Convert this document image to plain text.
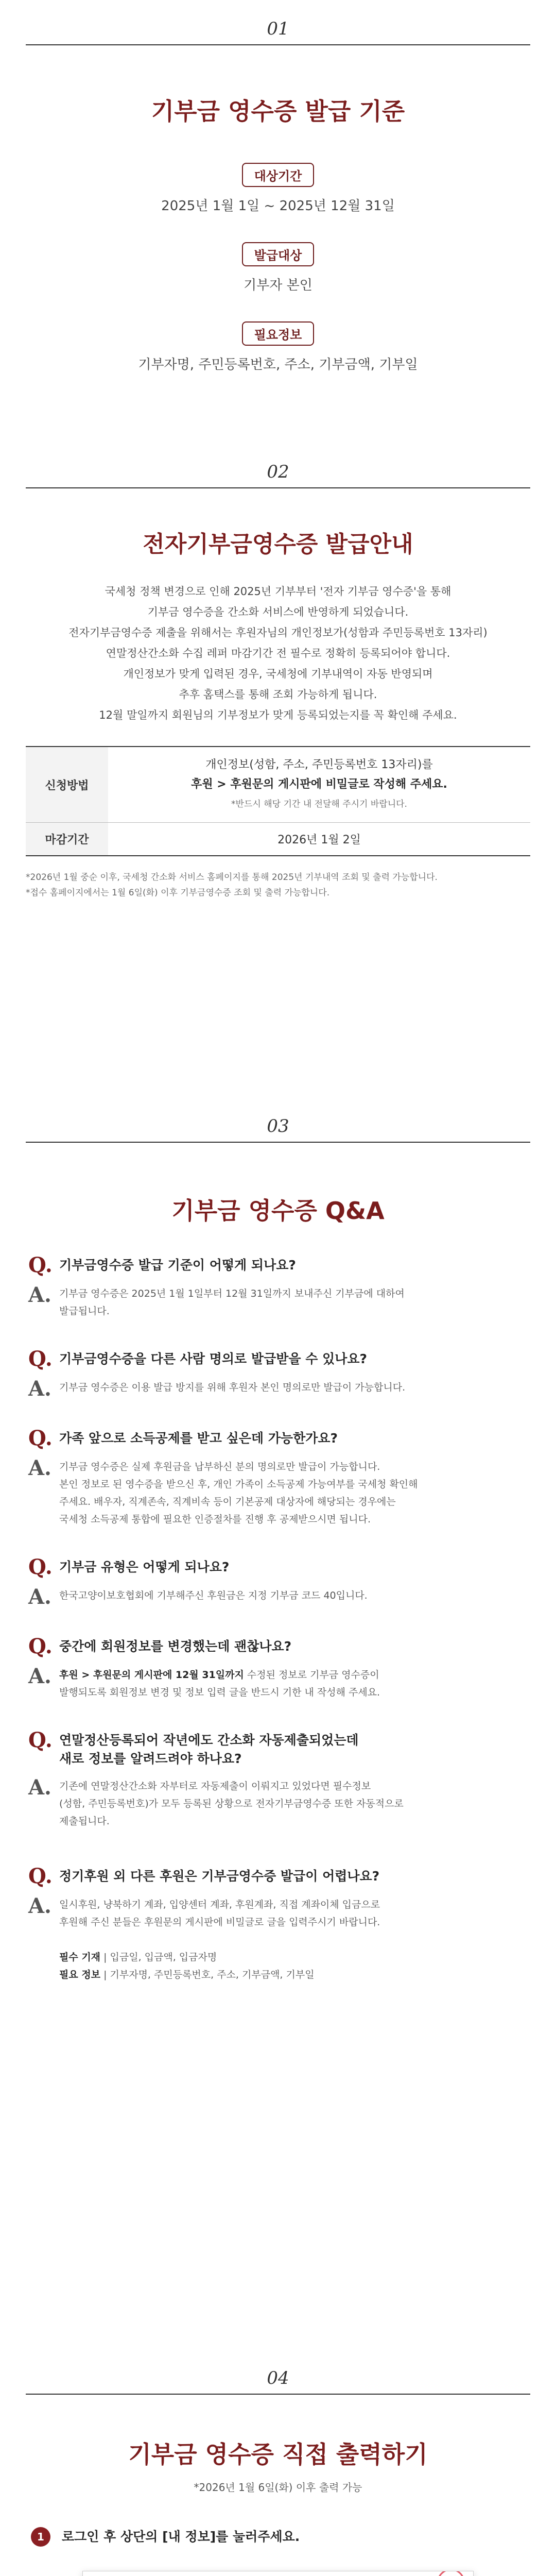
01
기부금 영수증 발급 기준
대상기간
2025년 1월 1일 ~ 2025년 12월 31일
발급대상
기부자 본인
필요정보
기부자명, 주민등록번호, 주소, 기부금액, 기부일
02
전자기부금영수증 발급안내
국세청 정책 변경으로 인해 2025년 기부부터 '전자 기부금 영수증'을 통해
기부금 영수증을 간소화 서비스에 반영하게 되었습니다.
전자기부금영수증 제출을 위해서는 후원자님의 개인정보가(성함과 주민등록번호 13자리)
연말정산간소화 수집 레퍼 마감기간 전 필수로 정확히 등록되어야 합니다.
개인정보가 맞게 입력된 경우, 국세청에 기부내역이 자동 반영되며
추후 홈택스를 통해 조회 가능하게 됩니다.
12월 말일까지 회원님의 기부정보가 맞게 등록되었는지를 꼭 확인해 주세요.
신청방법	개인정보(성함, 주소, 주민등록번호 13자리)를
후원 > 후원문의 게시판에 비밀글로 작성해 주세요.
*반드시 해당 기간 내 전달해 주시기 바랍니다.

마감기간	2026년 1월 2일
*2026년 1월 중순 이후, 국세청 간소화 서비스 홈페이지를 통해 2025년 기부내역 조회 및 출력 가능합니다.
*접수 홈페이지에서는 1월 6일(화) 이후 기부금영수증 조회 및 출력 가능합니다.
03
기부금 영수증 Q&A
Q. 기부금영수증 발급 기준이 어떻게 되나요?
A. 기부금 영수증은 2025년 1월 1일부터 12월 31일까지 보내주신 기부금에 대하여
발급됩니다.
Q. 기부금영수증을 다른 사람 명의로 발급받을 수 있나요?
A. 기부금 영수증은 이용 발급 방지를 위해 후원자 본인 명의로만 발급이 가능합니다.
Q. 가족 앞으로 소득공제를 받고 싶은데 가능한가요?
A. 기부금 영수증은 실제 후원금을 납부하신 분의 명의로만 발급이 가능합니다.
본인 정보로 된 영수증을 받으신 후, 개인 가족이 소득공제 가능여부를 국세청 확인해
주세요. 배우자, 직계존속, 직계비속 등이 기본공제 대상자에 해당되는 경우에는
국세청 소득공제 통합에 필요한 인증절차를 진행 후 공제받으시면 됩니다.
Q. 기부금 유형은 어떻게 되나요?
A. 한국고양이보호협회에 기부해주신 후원금은 지정 기부금 코드 40입니다.
Q. 중간에 회원정보를 변경했는데 괜찮나요?
A. 후원 > 후원문의 게시판에 12월 31일까지 수정된 정보로 기부금 영수증이
발행되도록 회원정보 변경 및 정보 입력 글을 반드시 기한 내 작성해 주세요.
Q. 연말정산등록되어 작년에도 간소화 자동제출되었는데
새로 정보를 알려드려야 하나요?
A. 기존에 연말정산간소화 자부터로 자동제출이 이뤄지고 있었다면 필수정보
(성함, 주민등록번호)가 모두 등록된 상황으로 전자기부금영수증 또한 자동적으로
제출됩니다.
Q. 정기후원 외 다른 후원은 기부금영수증 발급이 어렵나요?
A. 일시후원, 냥북하기 계좌, 입양센터 계좌, 후원계좌, 직접 계좌이체 입금으로
후원해 주신 분들은 후원문의 게시판에 비밀글로 글을 입력주시기 바랍니다.
필수 기재 | 입금일, 입금액, 입금자명
필요 정보 | 기부자명, 주민등록번호, 주소, 기부금액, 기부일
04
기부금 영수증 직접 출력하기
*2026년 1월 6일(화) 이후 출력 가능
1	로그인 후 상단의 [내 정보]를 눌러주세요.
